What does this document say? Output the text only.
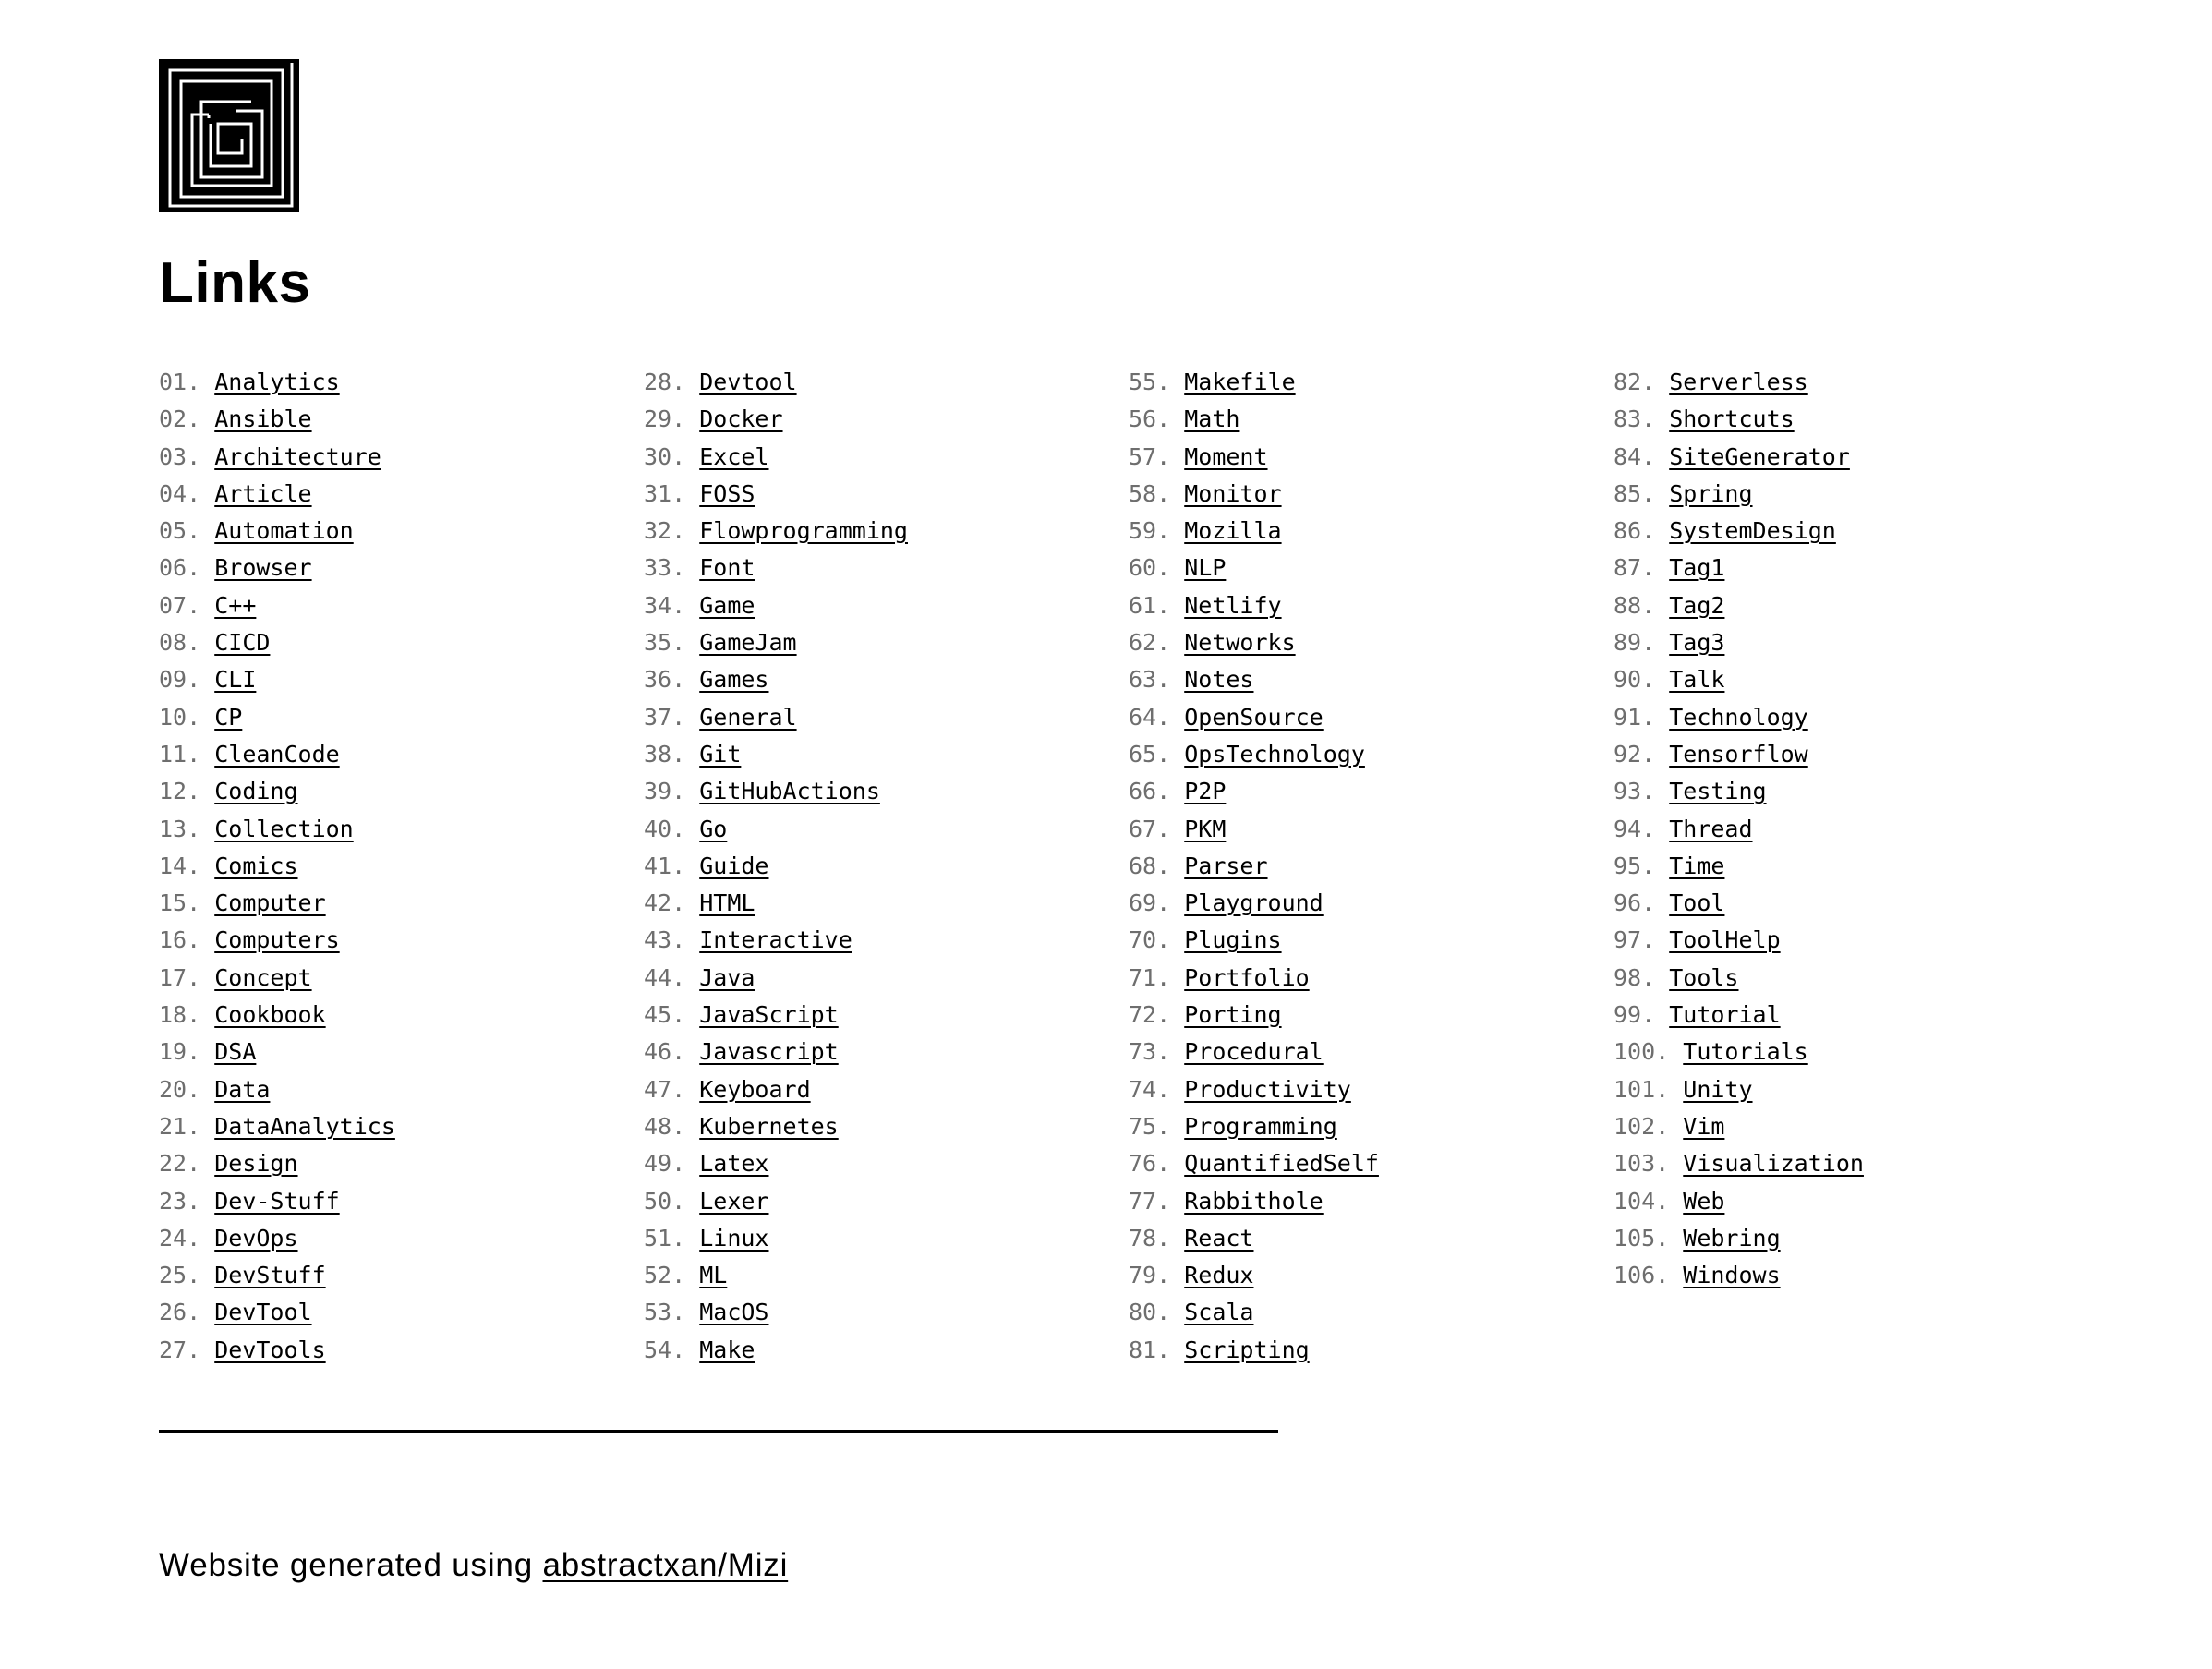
Links
01. Analytics
02. Ansible
03. Architecture
04. Article
05. Automation
06. Browser
07. C++
08. CICD
09. CLI
10. CP
11. CleanCode
12. Coding
13. Collection
14. Comics
15. Computer
16. Computers
17. Concept
18. Cookbook
19. DSA
20. Data
21. DataAnalytics
22. Design
23. Dev-Stuff
24. DevOps
25. DevStuff
26. DevTool
27. DevTools
28. Devtool
29. Docker
30. Excel
31. FOSS
32. Flowprogramming
33. Font
34. Game
35. GameJam
36. Games
37. General
38. Git
39. GitHubActions
40. Go
41. Guide
42. HTML
43. Interactive
44. Java
45. JavaScript
46. Javascript
47. Keyboard
48. Kubernetes
49. Latex
50. Lexer
51. Linux
52. ML
53. MacOS
54. Make
55. Makefile
56. Math
57. Moment
58. Monitor
59. Mozilla
60. NLP
61. Netlify
62. Networks
63. Notes
64. OpenSource
65. OpsTechnology
66. P2P
67. PKM
68. Parser
69. Playground
70. Plugins
71. Portfolio
72. Porting
73. Procedural
74. Productivity
75. Programming
76. QuantifiedSelf
77. Rabbithole
78. React
79. Redux
80. Scala
81. Scripting
82. Serverless
83. Shortcuts
84. SiteGenerator
85. Spring
86. SystemDesign
87. Tag1
88. Tag2
89. Tag3
90. Talk
91. Technology
92. Tensorflow
93. Testing
94. Thread
95. Time
96. Tool
97. ToolHelp
98. Tools
99. Tutorial
100. Tutorials
101. Unity
102. Vim
103. Visualization
104. Web
105. Webring
106. Windows
Website generated using abstractxan/Mizi
